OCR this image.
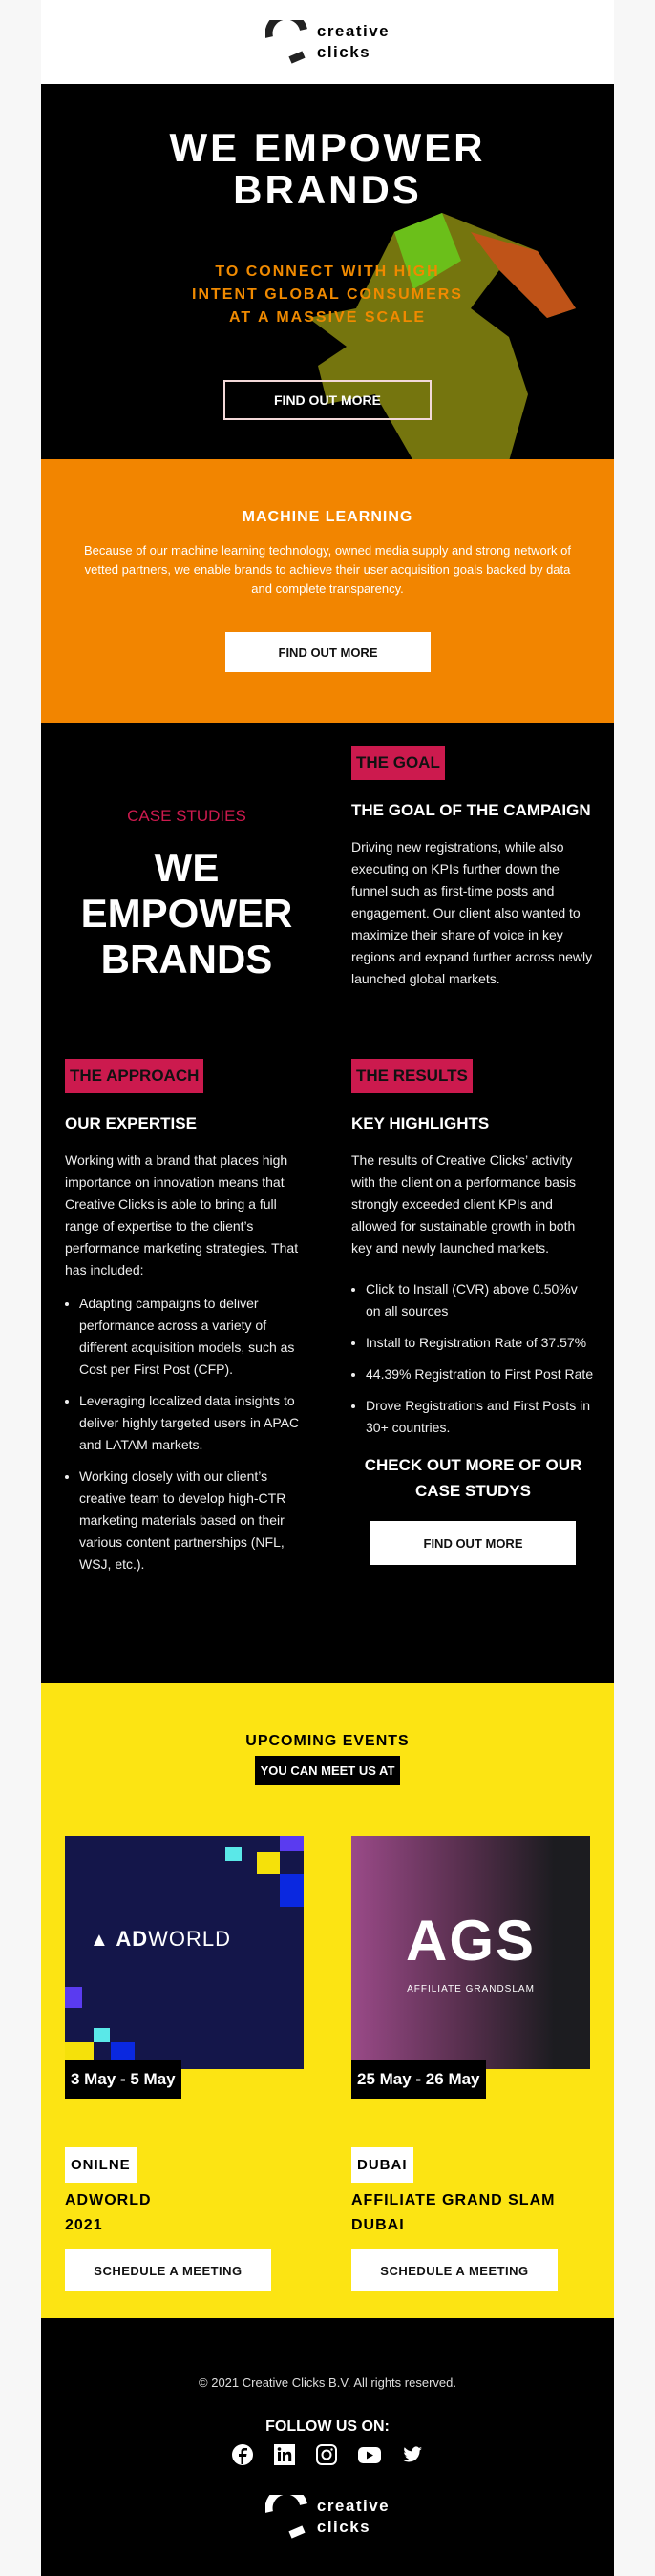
creative
clicks
WE EMPOWER
BRANDS
TO CONNECT WITH HIGH
INTENT GLOBAL CONSUMERS
AT A MASSIVE SCALE
FIND OUT MORE
MACHINE LEARNING

Because of our machine learning technology, owned media supply and strong network of vetted partners, we enable brands to achieve their user acquisition goals backed by data and complete transparency.

FIND OUT MORE
CASE STUDIES
WE
EMPOWER
BRANDS
THE GOAL
THE GOAL OF THE CAMPAIGN
Driving new registrations, while also executing on KPIs further down the funnel such as first-time posts and engagement. Our client also wanted to maximize their share of voice in key regions and expand further across newly launched global markets.
THE APPROACH
OUR EXPERTISE
Working with a brand that places high importance on innovation means that Creative Clicks is able to bring a full range of expertise to the client’s performance marketing strategies. That has included:
• Adapting campaigns to deliver performance across a variety of different acquisition models, such as Cost per First Post (CFP).
• Leveraging localized data insights to deliver highly targeted users in APAC and LATAM markets.
• Working closely with our client’s creative team to develop high-CTR marketing materials based on their various content partnerships (NFL, WSJ, etc.).
THE RESULTS
KEY HIGHLIGHTS
The results of Creative Clicks’ activity with the client on a performance basis strongly exceeded client KPIs and allowed for sustainable growth in both key and newly launched markets.
• Click to Install (CVR) above 0.50%v on all sources
• Install to Registration Rate of 37.57%
• 44.39% Registration to First Post Rate
• Drove Registrations and First Posts in 30+ countries.
CHECK OUT MORE OF OUR CASE STUDYS
FIND OUT MORE
UPCOMING EVENTS
YOU CAN MEET US AT
▲ ADWORLD
3 May - 5 May
ONILNE
ADWORLD
2021
SCHEDULE A MEETING
AGS
AFFILIATE GRANDSLAM
25 May - 26 May
DUBAI
AFFILIATE GRAND SLAM
DUBAI
SCHEDULE A MEETING
© 2021 Creative Clicks B.V. All rights reserved.
FOLLOW US ON:
creative
clicks
